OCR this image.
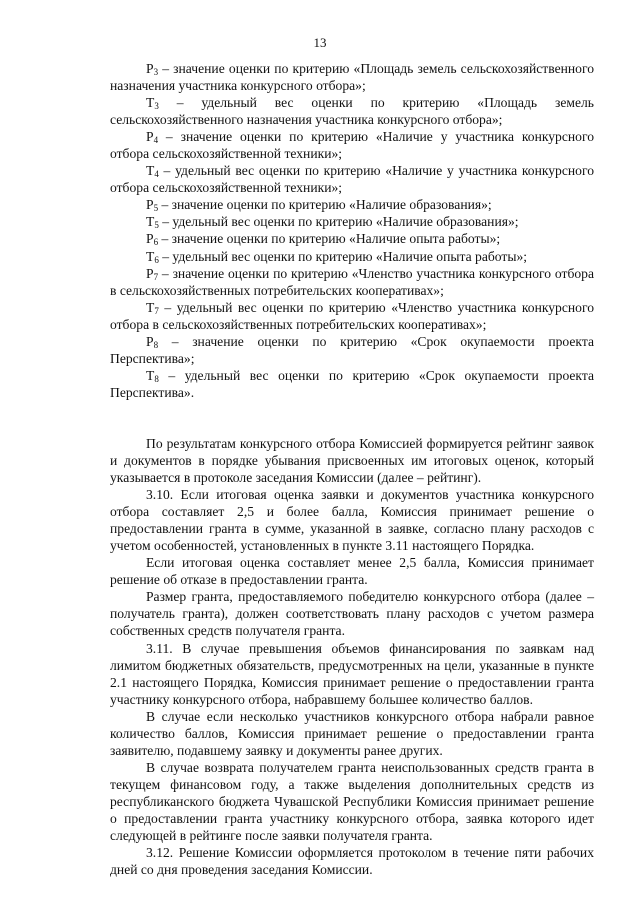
13

$P_3$ – значение оценки по критерию «Площадь земель сельскохозяйственного назначения участника конкурсного отбора»;

$T_3$ – удельный вес оценки по критерию «Площадь земель сельскохозяйственного назначения участника конкурсного отбора»;

$P_4$ – значение оценки по критерию «Наличие у участника конкурсного отбора сельскохозяйственной техники»;

$T_4$ – удельный вес оценки по критерию «Наличие у участника конкурсного отбора сельскохозяйственной техники»;

$P_5$ – значение оценки по критерию «Наличие образования»;

$T_5$ – удельный вес оценки по критерию «Наличие образования»;

$P_6$ – значение оценки по критерию «Наличие опыта работы»;

$T_6$ – удельный вес оценки по критерию «Наличие опыта работы»;

$P_7$ – значение оценки по критерию «Членство участника конкурсного отбора в сельскохозяйственных потребительских кооперативах»;

$T_7$ – удельный вес оценки по критерию «Членство участника конкурсного отбора в сельскохозяйственных потребительских кооперативах»;

$P_8$ – значение оценки по критерию «Срок окупаемости проекта Перспектива»;

$T_8$ – удельный вес оценки по критерию «Срок окупаемости проекта Перспектива».

По результатам конкурсного отбора Комиссией формируется рейтинг заявок и документов в порядке убывания присвоенных им итоговых оценок, который указывается в протоколе заседания Комиссии (далее – рейтинг).

3.10. Если итоговая оценка заявки и документов участника конкурсного отбора составляет 2,5 и более балла, Комиссия принимает решение о предоставлении гранта в сумме, указанной в заявке, согласно плану расходов с учетом особенностей, установленных в пункте 3.11 настоящего Порядка.

Если итоговая оценка составляет менее 2,5 балла, Комиссия принимает решение об отказе в предоставлении гранта.

Размер гранта, предоставляемого победителю конкурсного отбора (далее – получатель гранта), должен соответствовать плану расходов с учетом размера собственных средств получателя гранта.

3.11. В случае превышения объемов финансирования по заявкам над лимитом бюджетных обязательств, предусмотренных на цели, указанные в пункте 2.1 настоящего Порядка, Комиссия принимает решение о предоставлении гранта участнику конкурсного отбора, набравшему большее количество баллов.

В случае если несколько участников конкурсного отбора набрали равное количество баллов, Комиссия принимает решение о предоставлении гранта заявителю, подавшему заявку и документы ранее других.

В случае возврата получателем гранта неиспользованных средств гранта в текущем финансовом году, а также выделения дополнительных средств из республиканского бюджета Чувашской Республики Комиссия принимает решение о предоставлении гранта участнику конкурсного отбора, заявка которого идет следующей в рейтинге после заявки получателя гранта.

3.12. Решение Комиссии оформляется протоколом в течение пяти рабочих дней со дня проведения заседания Комиссии.
